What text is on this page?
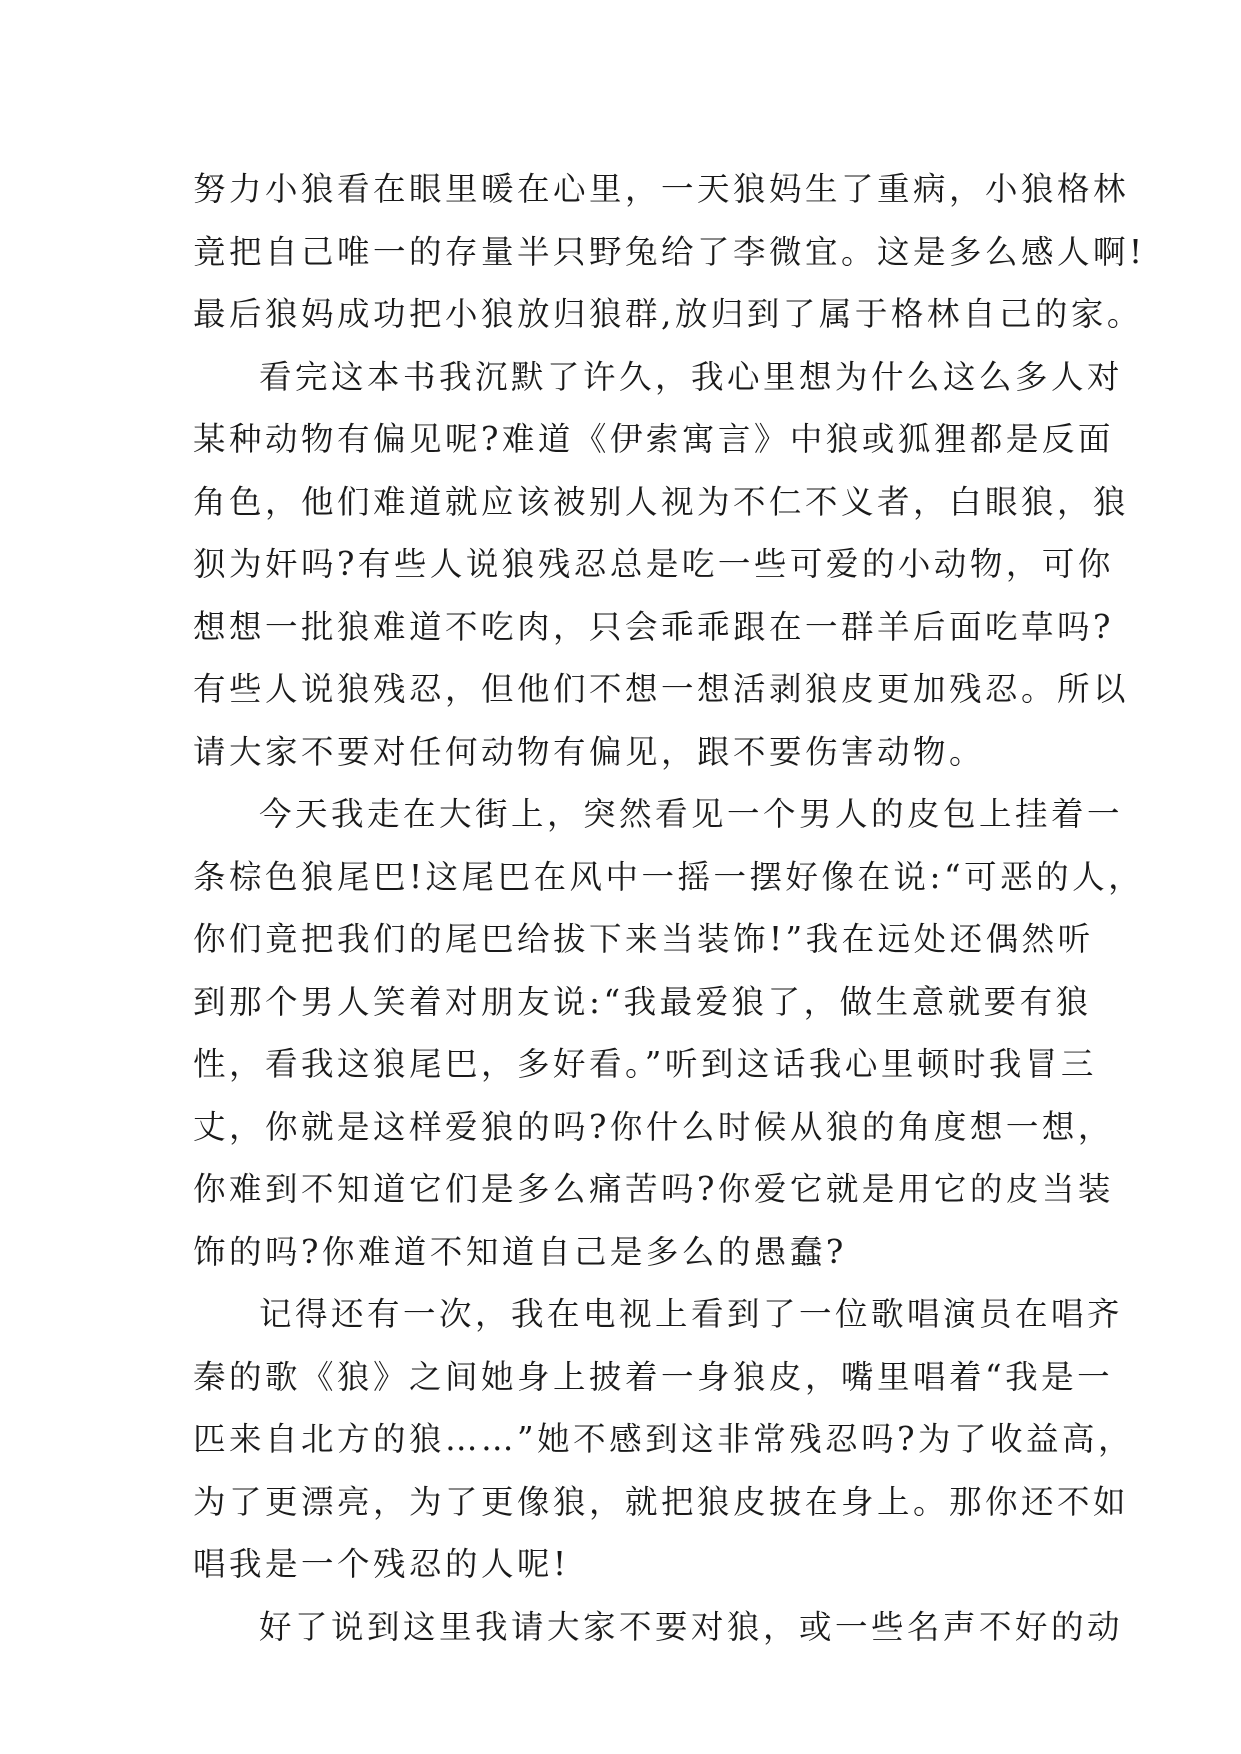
努力小狼看在眼里暖在心里，一天狼妈生了重病，小狼格林
竟把自己唯一的存量半只野兔给了李微宜。这是多么感人啊!
最后狼妈成功把小狼放归狼群,放归到了属于格林自己的家。
看完这本书我沉默了许久，我心里想为什么这么多人对
某种动物有偏见呢?难道《伊索寓言》中狼或狐狸都是反面
角色，他们难道就应该被别人视为不仁不义者，白眼狼，狼
狈为奸吗?有些人说狼残忍总是吃一些可爱的小动物，可你
想想一批狼难道不吃肉，只会乖乖跟在一群羊后面吃草吗?
有些人说狼残忍，但他们不想一想活剥狼皮更加残忍。所以
请大家不要对任何动物有偏见，跟不要伤害动物。
今天我走在大街上，突然看见一个男人的皮包上挂着一
条棕色狼尾巴!这尾巴在风中一摇一摆好像在说:“可恶的人，
你们竟把我们的尾巴给拔下来当装饰!”我在远处还偶然听
到那个男人笑着对朋友说:“我最爱狼了，做生意就要有狼
性，看我这狼尾巴，多好看。”听到这话我心里顿时我冒三
丈，你就是这样爱狼的吗?你什么时候从狼的角度想一想，
你难到不知道它们是多么痛苦吗?你爱它就是用它的皮当装
饰的吗?你难道不知道自己是多么的愚蠢?
记得还有一次，我在电视上看到了一位歌唱演员在唱齐
秦的歌《狼》之间她身上披着一身狼皮，嘴里唱着“我是一
匹来自北方的狼……”她不感到这非常残忍吗?为了收益高，
为了更漂亮，为了更像狼，就把狼皮披在身上。那你还不如
唱我是一个残忍的人呢!
好了说到这里我请大家不要对狼，或一些名声不好的动
